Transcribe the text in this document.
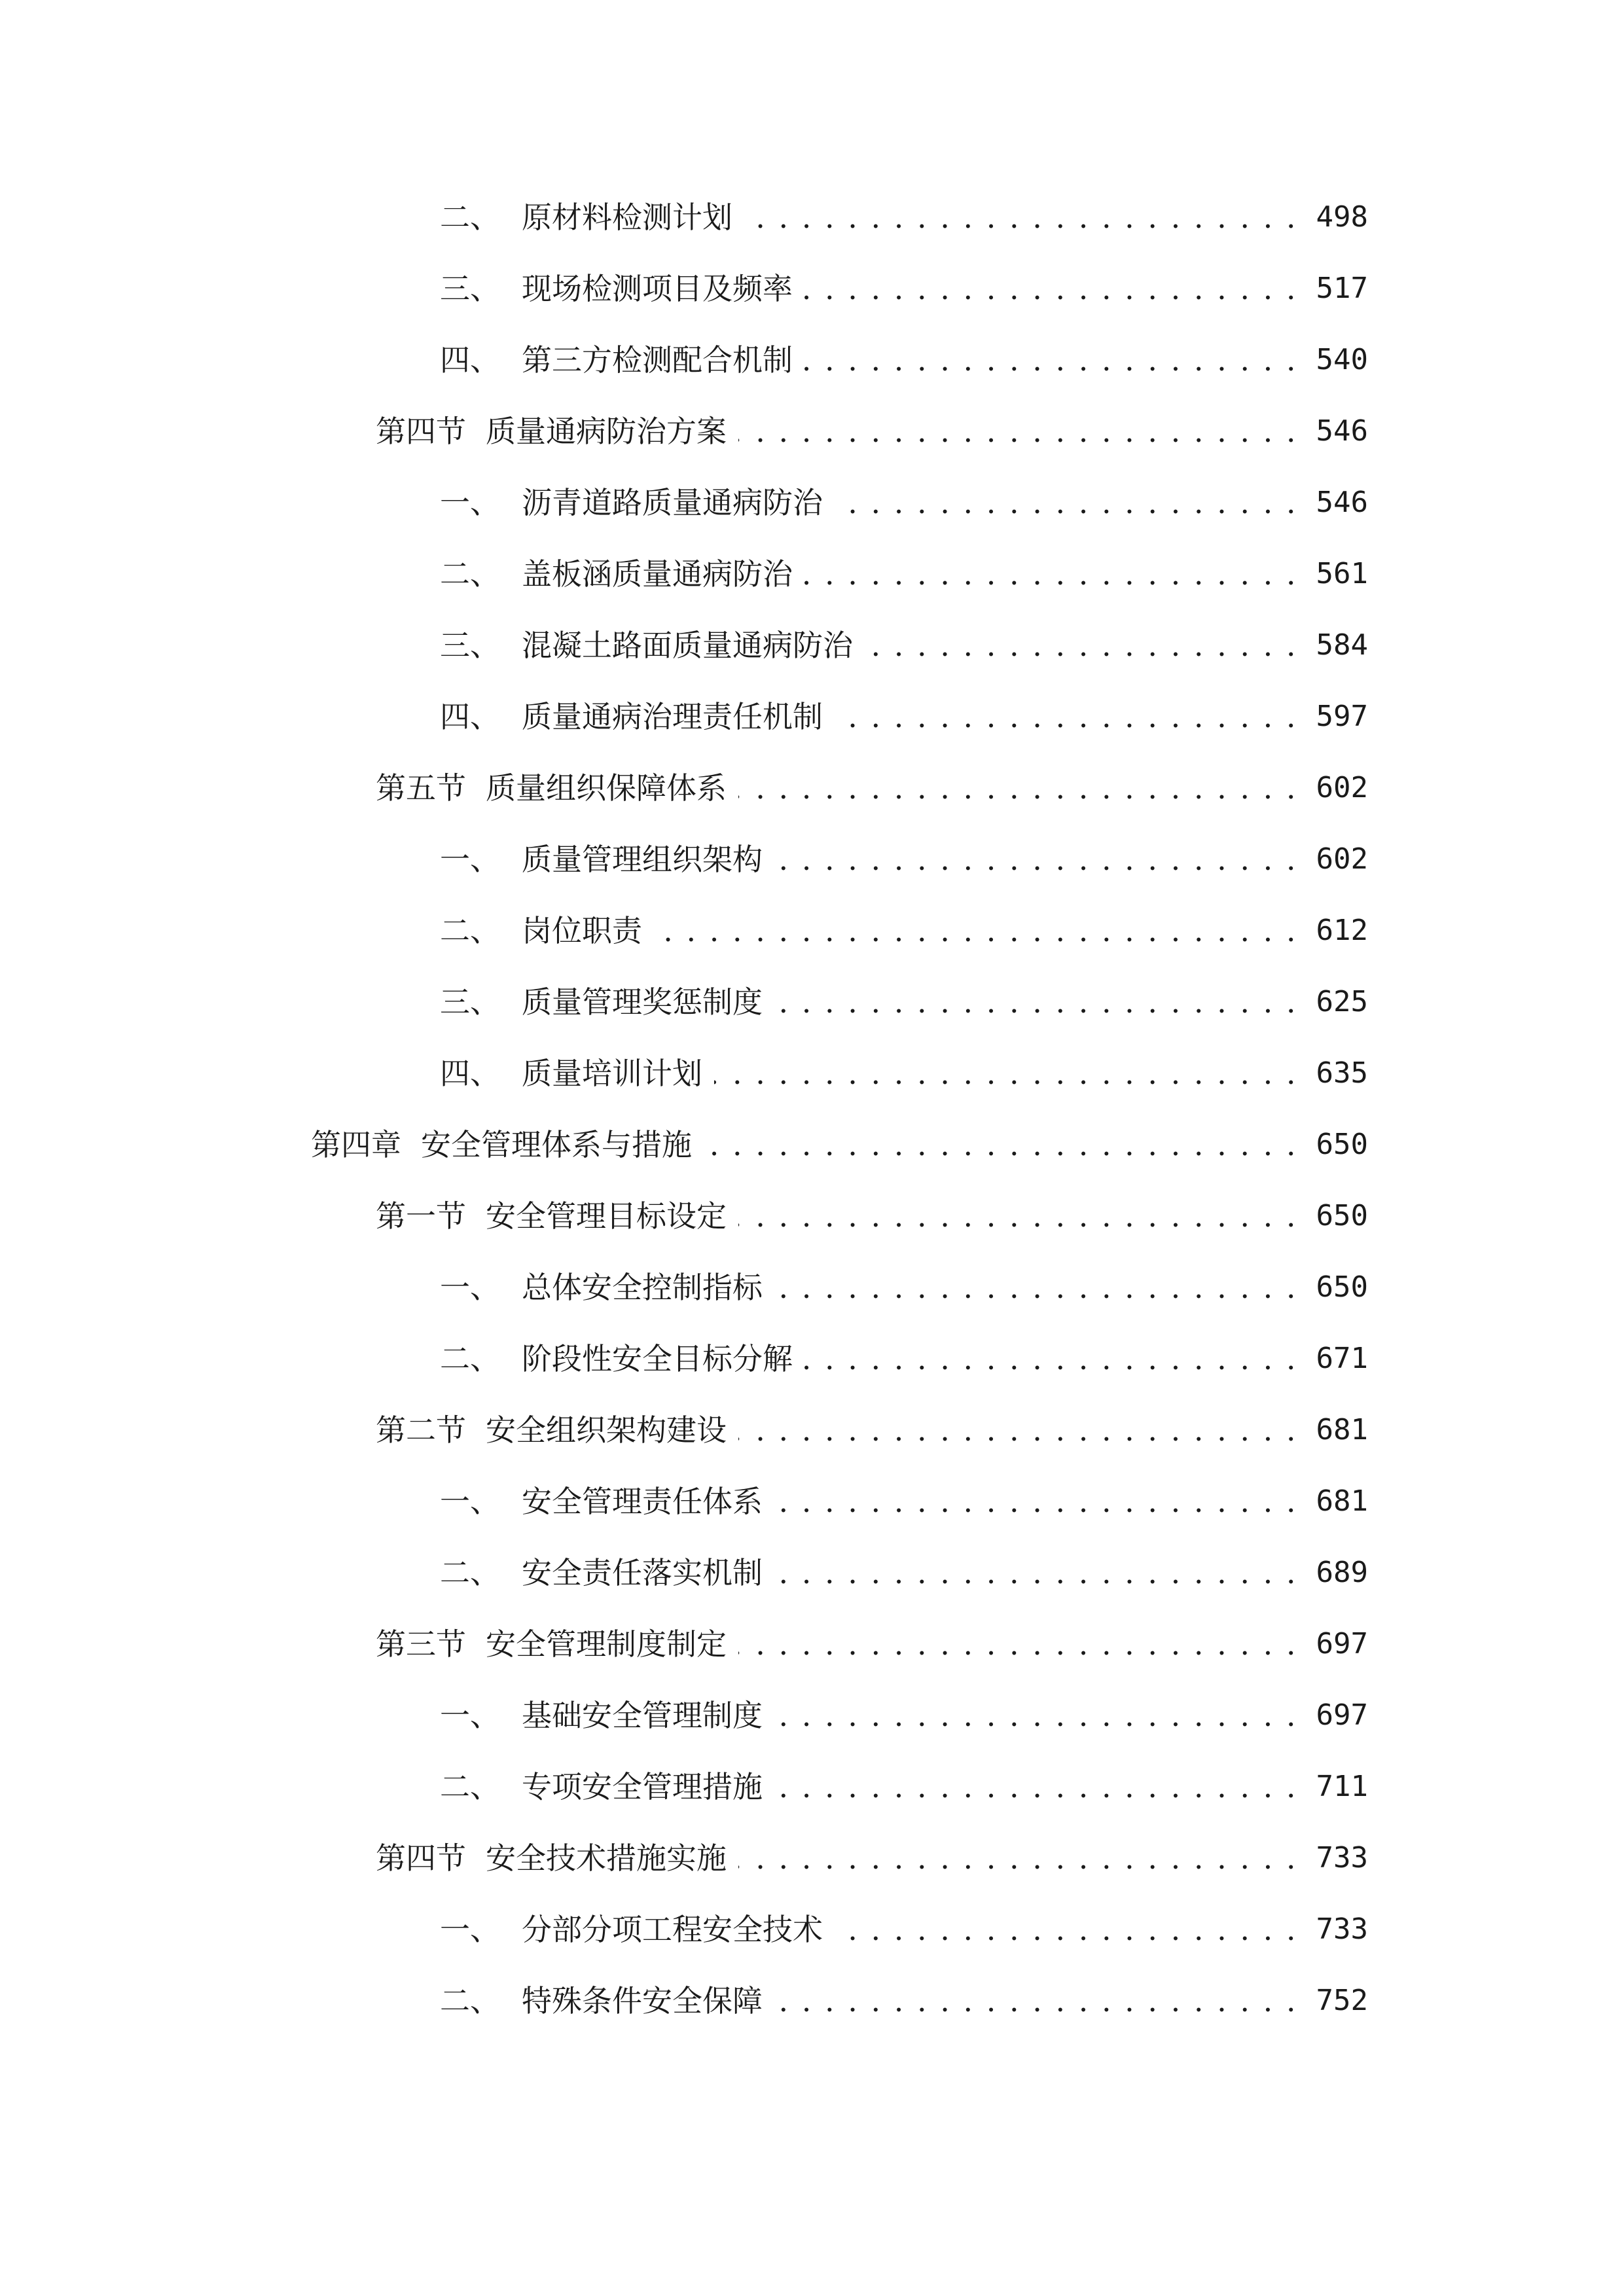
二、 原材料检测计划 . . .	498
三、 现场检测项目及频率 . . .	517
四、 第三方检测配合机制 . . .	540
第四节 质量通病防治方案 . . .	546
一、 沥青道路质量通病防治 . . .	546
二、 盖板涵质量通病防治 . . .	561
三、 混凝土路面质量通病防治 . . .	584
四、 质量通病治理责任机制 . . .	597
第五节 质量组织保障体系 . . .	602
一、 质量管理组织架构 . . .	602
二、 岗位职责 . . .	612
三、 质量管理奖惩制度 . . .	625
四、 质量培训计划 . . .	635
第四章 安全管理体系与措施 . . .	650
第一节 安全管理目标设定 . . .	650
一、 总体安全控制指标 . . .	650
二、 阶段性安全目标分解 . . .	671
第二节 安全组织架构建设 . . .	681
一、 安全管理责任体系 . . .	681
二、 安全责任落实机制 . . .	689
第三节 安全管理制度制定 . . .	697
一、 基础安全管理制度 . . .	697
二、 专项安全管理措施 . . .	711
第四节 安全技术措施实施 . . .	733
一、 分部分项工程安全技术 . . .	733
二、 特殊条件安全保障 . . .	752
